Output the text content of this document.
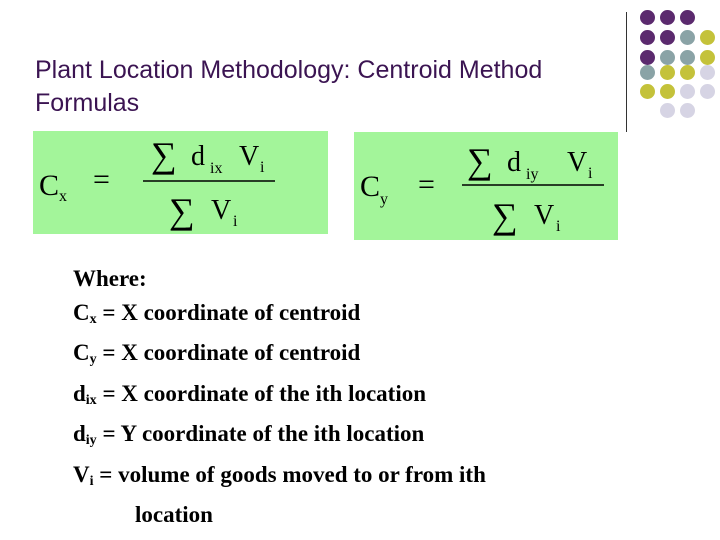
Plant Location Methodology: Centroid Method
Formulas
C x
=
∑ d ix V i
∑ V i
C y =
∑ d iy V i
∑ V i
Where:
$C_x = X$ coordinate of centroid
$C_y = X$ coordinate of centroid
$d_{ix} = X$ coordinate of the ith location
$d_{iy} = Y$ coordinate of the ith location
$V_i$ = volume of goods moved to or from ith
location
